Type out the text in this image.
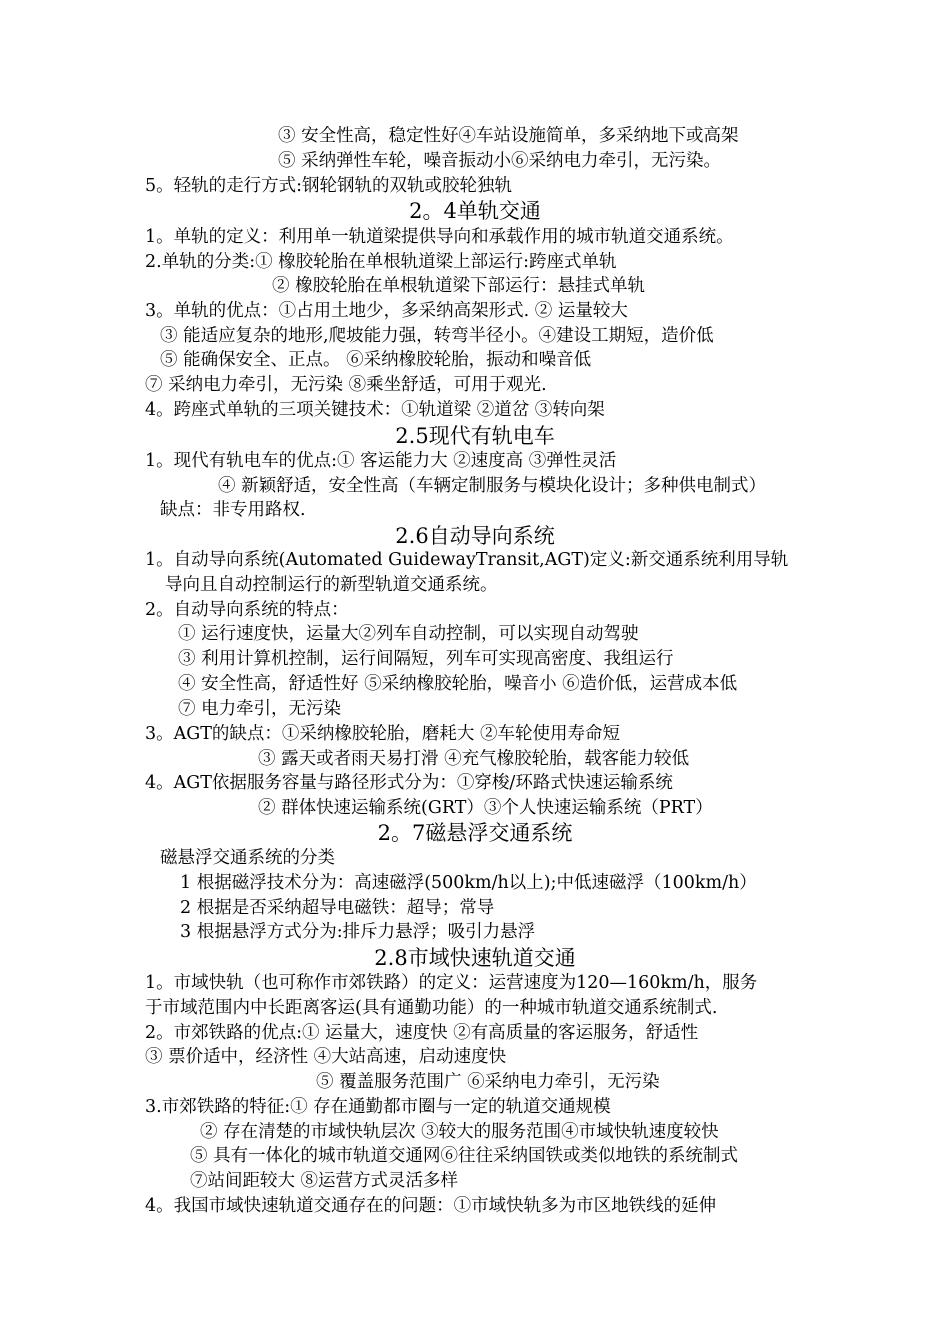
③ 安全性高，稳定性好④车站设施简单，多采纳地下或高架
⑤ 采纳弹性车轮，噪音振动小⑥采纳电力牵引，无污染。
5。轻轨的走行方式:钢轮钢轨的双轨或胶轮独轨
2。4单轨交通
1。单轨的定义：利用单一轨道梁提供导向和承载作用的城市轨道交通系统。
2.单轨的分类:① 橡胶轮胎在单根轨道梁上部运行:跨座式单轨
② 橡胶轮胎在单根轨道梁下部运行：悬挂式单轨
3。单轨的优点：①占用土地少，多采纳高架形式. ② 运量较大
③ 能适应复杂的地形,爬坡能力强，转弯半径小。④建设工期短，造价低
⑤ 能确保安全、正点。 ⑥采纳橡胶轮胎，振动和噪音低
⑦ 采纳电力牵引，无污染 ⑧乘坐舒适，可用于观光.
4。跨座式单轨的三项关键技术：①轨道梁 ②道岔 ③转向架
2.5现代有轨电车
1。现代有轨电车的优点:① 客运能力大 ②速度高 ③弹性灵活
④ 新颖舒适，安全性高（车辆定制服务与模块化设计；多种供电制式）
缺点：非专用路权.
2.6自动导向系统
1。自动导向系统(Automated GuidewayTransit,AGT)定义:新交通系统利用导轨
导向且自动控制运行的新型轨道交通系统。
2。自动导向系统的特点：
① 运行速度快，运量大②列车自动控制，可以实现自动驾驶
③ 利用计算机控制，运行间隔短，列车可实现高密度、我组运行
④ 安全性高，舒适性好 ⑤采纳橡胶轮胎，噪音小 ⑥造价低，运营成本低
⑦ 电力牵引，无污染
3。AGT的缺点：①采纳橡胶轮胎，磨耗大 ②车轮使用寿命短
③ 露天或者雨天易打滑 ④充气橡胶轮胎，载客能力较低
4。AGT依据服务容量与路径形式分为：①穿梭/环路式快速运输系统
② 群体快速运输系统(GRT）③个人快速运输系统（PRT）
2。7磁悬浮交通系统
磁悬浮交通系统的分类
1 根据磁浮技术分为：高速磁浮(500km/h以上);中低速磁浮（100km/h）
2 根据是否采纳超导电磁铁：超导；常导
3 根据悬浮方式分为:排斥力悬浮；吸引力悬浮
2.8市域快速轨道交通
1。市域快轨（也可称作市郊铁路）的定义：运营速度为120—160km/h，服务
于市域范围内中长距离客运(具有通勤功能）的一种城市轨道交通系统制式.
2。市郊铁路的优点:① 运量大，速度快 ②有高质量的客运服务，舒适性
③ 票价适中，经济性 ④大站高速，启动速度快
⑤ 覆盖服务范围广 ⑥采纳电力牵引，无污染
3.市郊铁路的特征:① 存在通勤都市圈与一定的轨道交通规模
② 存在清楚的市域快轨层次 ③较大的服务范围④市域快轨速度较快
⑤ 具有一体化的城市轨道交通网⑥往往采纳国铁或类似地铁的系统制式
⑦站间距较大 ⑧运营方式灵活多样
4。我国市域快速轨道交通存在的问题：①市域快轨多为市区地铁线的延伸
